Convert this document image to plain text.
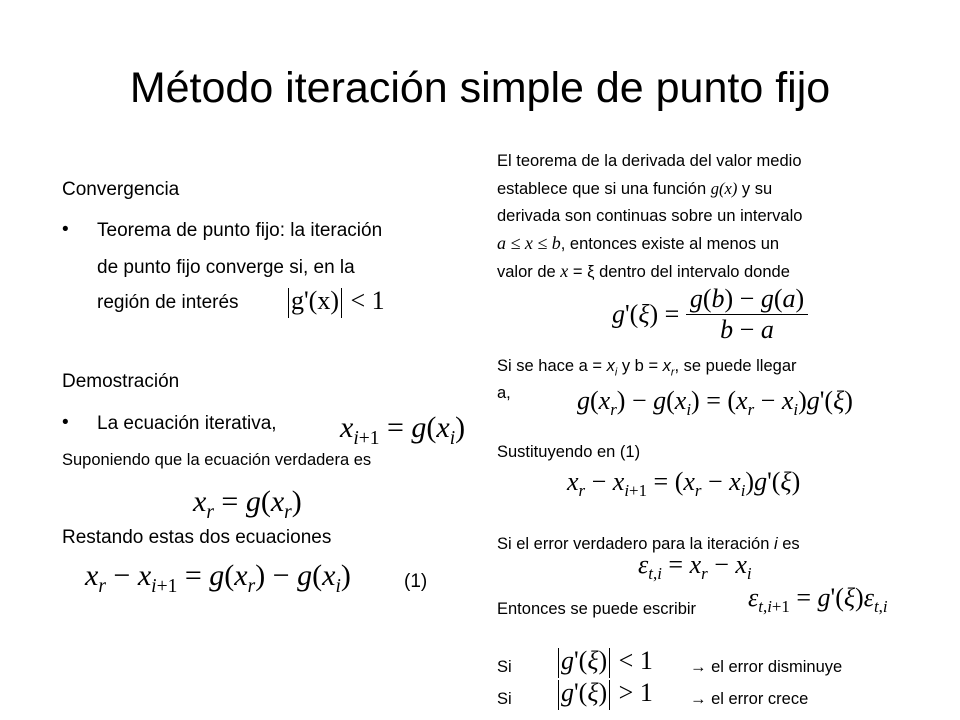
Método iteración simple de punto fijo
Convergencia
• Teorema de punto fijo: la iteración
de punto fijo converge si, en la
región de interés g'(x) < 1
Demostración
• La ecuación iterativa, $x_{i+1} = g(x_i)$
Suponiendo que la ecuación verdadera es
$x_r = g(x_r)$
Restando estas dos ecuaciones
$x_r - x_{i+1} = g(x_r) - g(x_i)$	(1)
El teorema de la derivada del valor medio
establece que si una función g(x) y su
derivada son continuas sobre un intervalo
a ≤ x ≤ b, entonces existe al menos un
valor de x = ξ dentro del intervalo donde
$g'(\xi) = \frac{g(b) - g(a)}{b - a}$
Si se hace $a = x_i$ y $b = x_r$, se puede llegar
a,	$g(x_r) - g(x_i) = (x_r - x_i)g'(\xi)$
Sustituyendo en (1)
$x_r - x_{i+1} = (x_r - x_i)g'(\xi)$
Si el error verdadero para la iteración i es
$\varepsilon_{t,i} = x_r - x_i$
Entonces se puede escribir $\varepsilon_{t,i+1} = g'(\xi)\varepsilon_{t,i}$
Si g'(ξ) < 1 → el error disminuye
Si g'(ξ) > 1 → el error crece
